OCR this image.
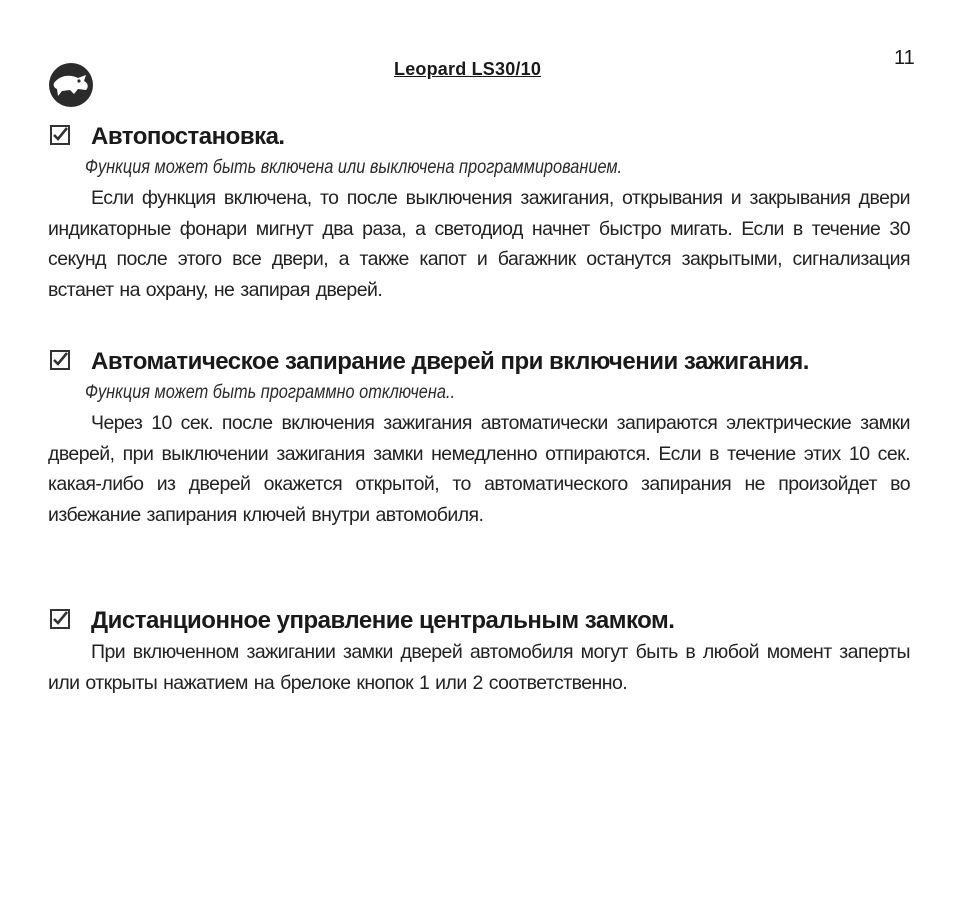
Leopard LS30/10	11
Автопостановка.
Функция может быть включена или выключена программированием.
Если функция включена, то после выключения зажигания, открывания и закрывания двери индикаторные фонари мигнут два раза, а светодиод начнет быстро мигать. Если в течение 30 секунд после этого все двери, а также капот и багажник останутся закрытыми, сигнализация встанет на охрану, не запирая дверей.
Автоматическое запирание дверей при включении зажигания.
Функция может быть программно отключена..
Через 10 сек. после включения зажигания автоматически запираются электрические замки дверей, при выключении зажигания замки немедленно отпираются. Если в течение этих 10 сек. какая-либо из дверей окажется открытой, то автоматического запирания не произойдет во избежание запирания ключей внутри автомобиля.
Дистанционное управление центральным замком.
При включенном зажигании замки дверей автомобиля могут быть в любой момент заперты или открыты нажатием на брелоке кнопок 1 или 2 соответственно.
